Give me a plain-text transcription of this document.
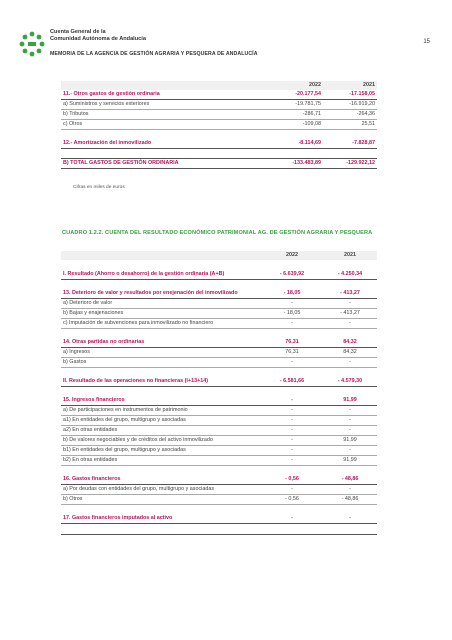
Cuenta General de la
Comunidad Autónoma de Andalucía
MEMORIA DE LA AGENCIA DE GESTIÓN AGRARIA Y PESQUERA DE ANDALUCÍA
15
	2022	2021
11.- Otros gastos de gestión ordinaria	-20.177,54	-17.158,05
a) Suministros y servicios exteriores	-19.781,75	-16.919,20
b) Tributos	-286,71	-264,36
c) Otros	-109,08	25,51

12.- Amortización del inmovilizado	-8.114,69	-7.828,87

B) TOTAL GASTOS DE GESTIÓN ORDINARIA	-133.483,89	-129.922,12
Cifras en miles de euros
CUADRO 1.2.2. CUENTA DEL RESULTADO ECONÓMICO PATRIMONIAL AG. DE GESTIÓN AGRARIA Y PESQUERA
	2022	2021

I. Resultado (Ahorro o desahorro) de la gestión ordinaria (A+B)	- 6.639,92	- 4.250,34

13. Deterioro de valor y resultados por enejenación del inmovilizado	- 18,05	- 413,27
a) Deterioro de valor	-	-
b) Bajas y enajenaciones	- 18,05	- 413,27
c) Imputación de subvenciones para inmovilizado no financiero	-	-

14. Otras partidas no ordinarias	76,31	84,32
a) Ingresos	76,31	84,32
b) Gastos	-	-

II. Resultado de las operaciones no financieras (I+13+14)	- 6.581,66	- 4.579,30

15. Ingresos financieros	-	91,99
a) De participaciones en instrumentos de patrimonio	-	-
a1) En entidades del grupo, multigrupo y asociadas	-	-
a2) En otras entidades	-	-
b) De valores negociables y de créditos del activo inmovilizado	-	91,99
b1) En entidades del grupo, multigrupo y asociadas	-	-
b2) En otras entidades	-	91,99

16. Gastos financieros	- 0,56	- 48,86
a) Por deudas con entidades del grupo, multigrupo y asociadas	-	-
b) Otros	- 0,56	- 48,86

17. Gastos financieros imputados al activo	-	-
